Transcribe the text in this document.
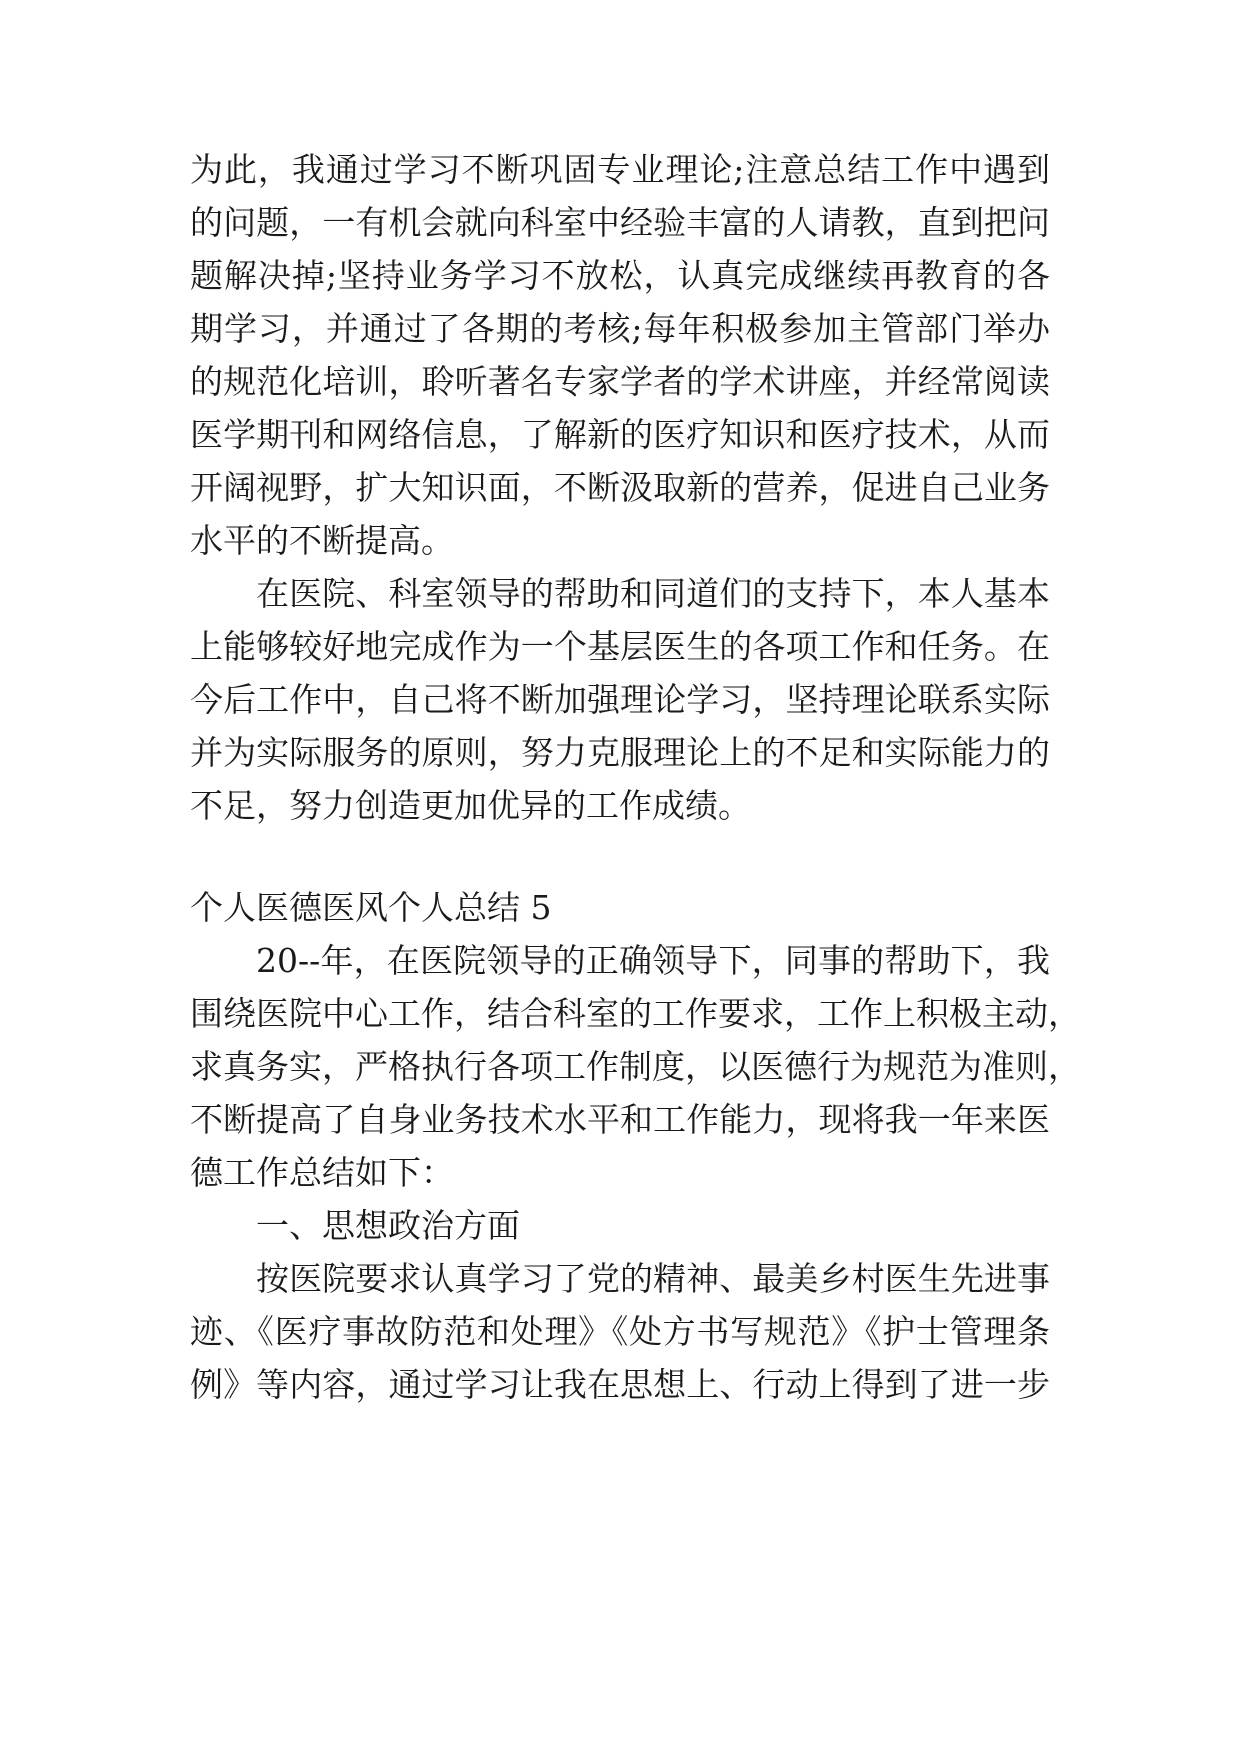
为此，我通过学习不断巩固专业理论;注意总结工作中遇到
的问题，一有机会就向科室中经验丰富的人请教，直到把问
题解决掉;坚持业务学习不放松，认真完成继续再教育的各
期学习，并通过了各期的考核;每年积极参加主管部门举办
的规范化培训，聆听著名专家学者的学术讲座，并经常阅读
医学期刊和网络信息，了解新的医疗知识和医疗技术，从而
开阔视野，扩大知识面，不断汲取新的营养，促进自己业务
水平的不断提高。
在医院、科室领导的帮助和同道们的支持下，本人基本
上能够较好地完成作为一个基层医生的各项工作和任务。在
今后工作中，自己将不断加强理论学习，坚持理论联系实际
并为实际服务的原则，努力克服理论上的不足和实际能力的
不足，努力创造更加优异的工作成绩。
个人医德医风个人总结 5
20--年，在医院领导的正确领导下，同事的帮助下，我
围绕医院中心工作，结合科室的工作要求，工作上积极主动，
求真务实，严格执行各项工作制度，以医德行为规范为准则，
不断提高了自身业务技术水平和工作能力，现将我一年来医
德工作总结如下：
一、思想政治方面
按医院要求认真学习了党的精神、最美乡村医生先进事
迹、《医疗事故防范和处理》《处方书写规范》《护士管理条
例》等内容，通过学习让我在思想上、行动上得到了进一步
